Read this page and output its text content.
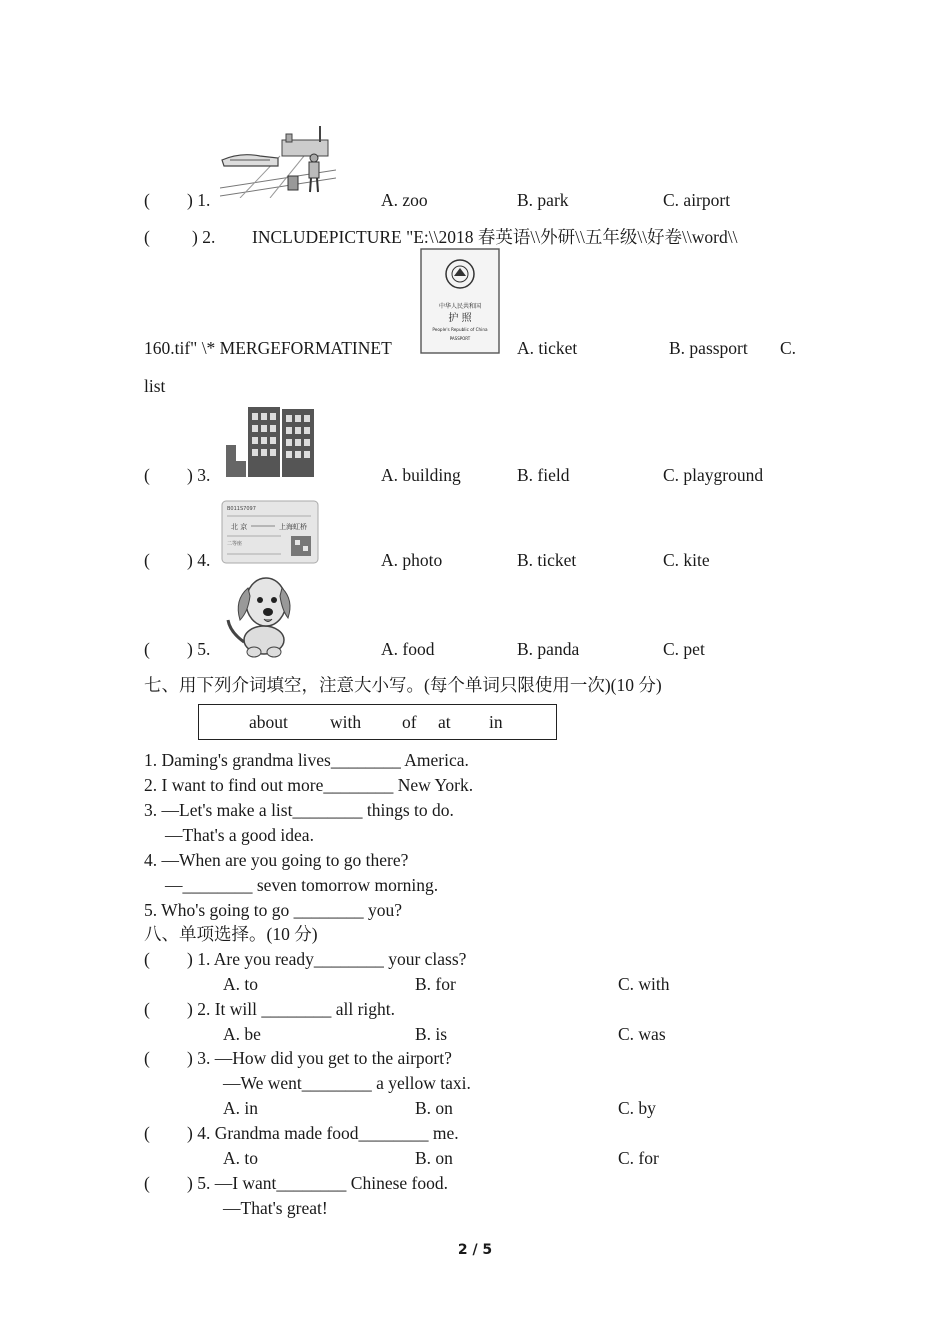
( ) 1.	A. zoo	B. park	C. airport
( ) 2. INCLUDEPICTURE "E:\\2018 春英语\\外研\\五年级\\好卷\\word\\
中华人民共和国
护 照
People's Republic of China
PASSPORT
160.tif" \* MERGEFORMATINET	A. ticket	B. passport C.
list
( ) 3.	A. building	B. field	C. playground
B011S7097
北 京	上海虹桥
二等座
( ) 4.	A. photo	B. ticket	C. kite
( ) 5.	A. food	B. panda	C. pet
七、用下列介词填空，注意大小写。(每个单词只限使用一次)(10 分)
about with of at in
1. Daming's grandma lives________ America.
2. I want to find out more________ New York.
3. —Let's make a list________ things to do.
—That's a good idea.
4. —When are you going to go there?
—________ seven tomorrow morning.
5. Who's going to go ________ you?
八、单项选择。(10 分)
( ) 1. Are you ready________ your class?
A. to	B. for	C. with
( ) 2. It will ________ all right.
A. be	B. is	C. was
( ) 3. —How did you get to the airport?
—We went________ a yellow taxi.
A. in	B. on	C. by
( ) 4. Grandma made food________ me.
A. to	B. on	C. for
( ) 5. —I want________ Chinese food.
—That's great!
2 / 5
